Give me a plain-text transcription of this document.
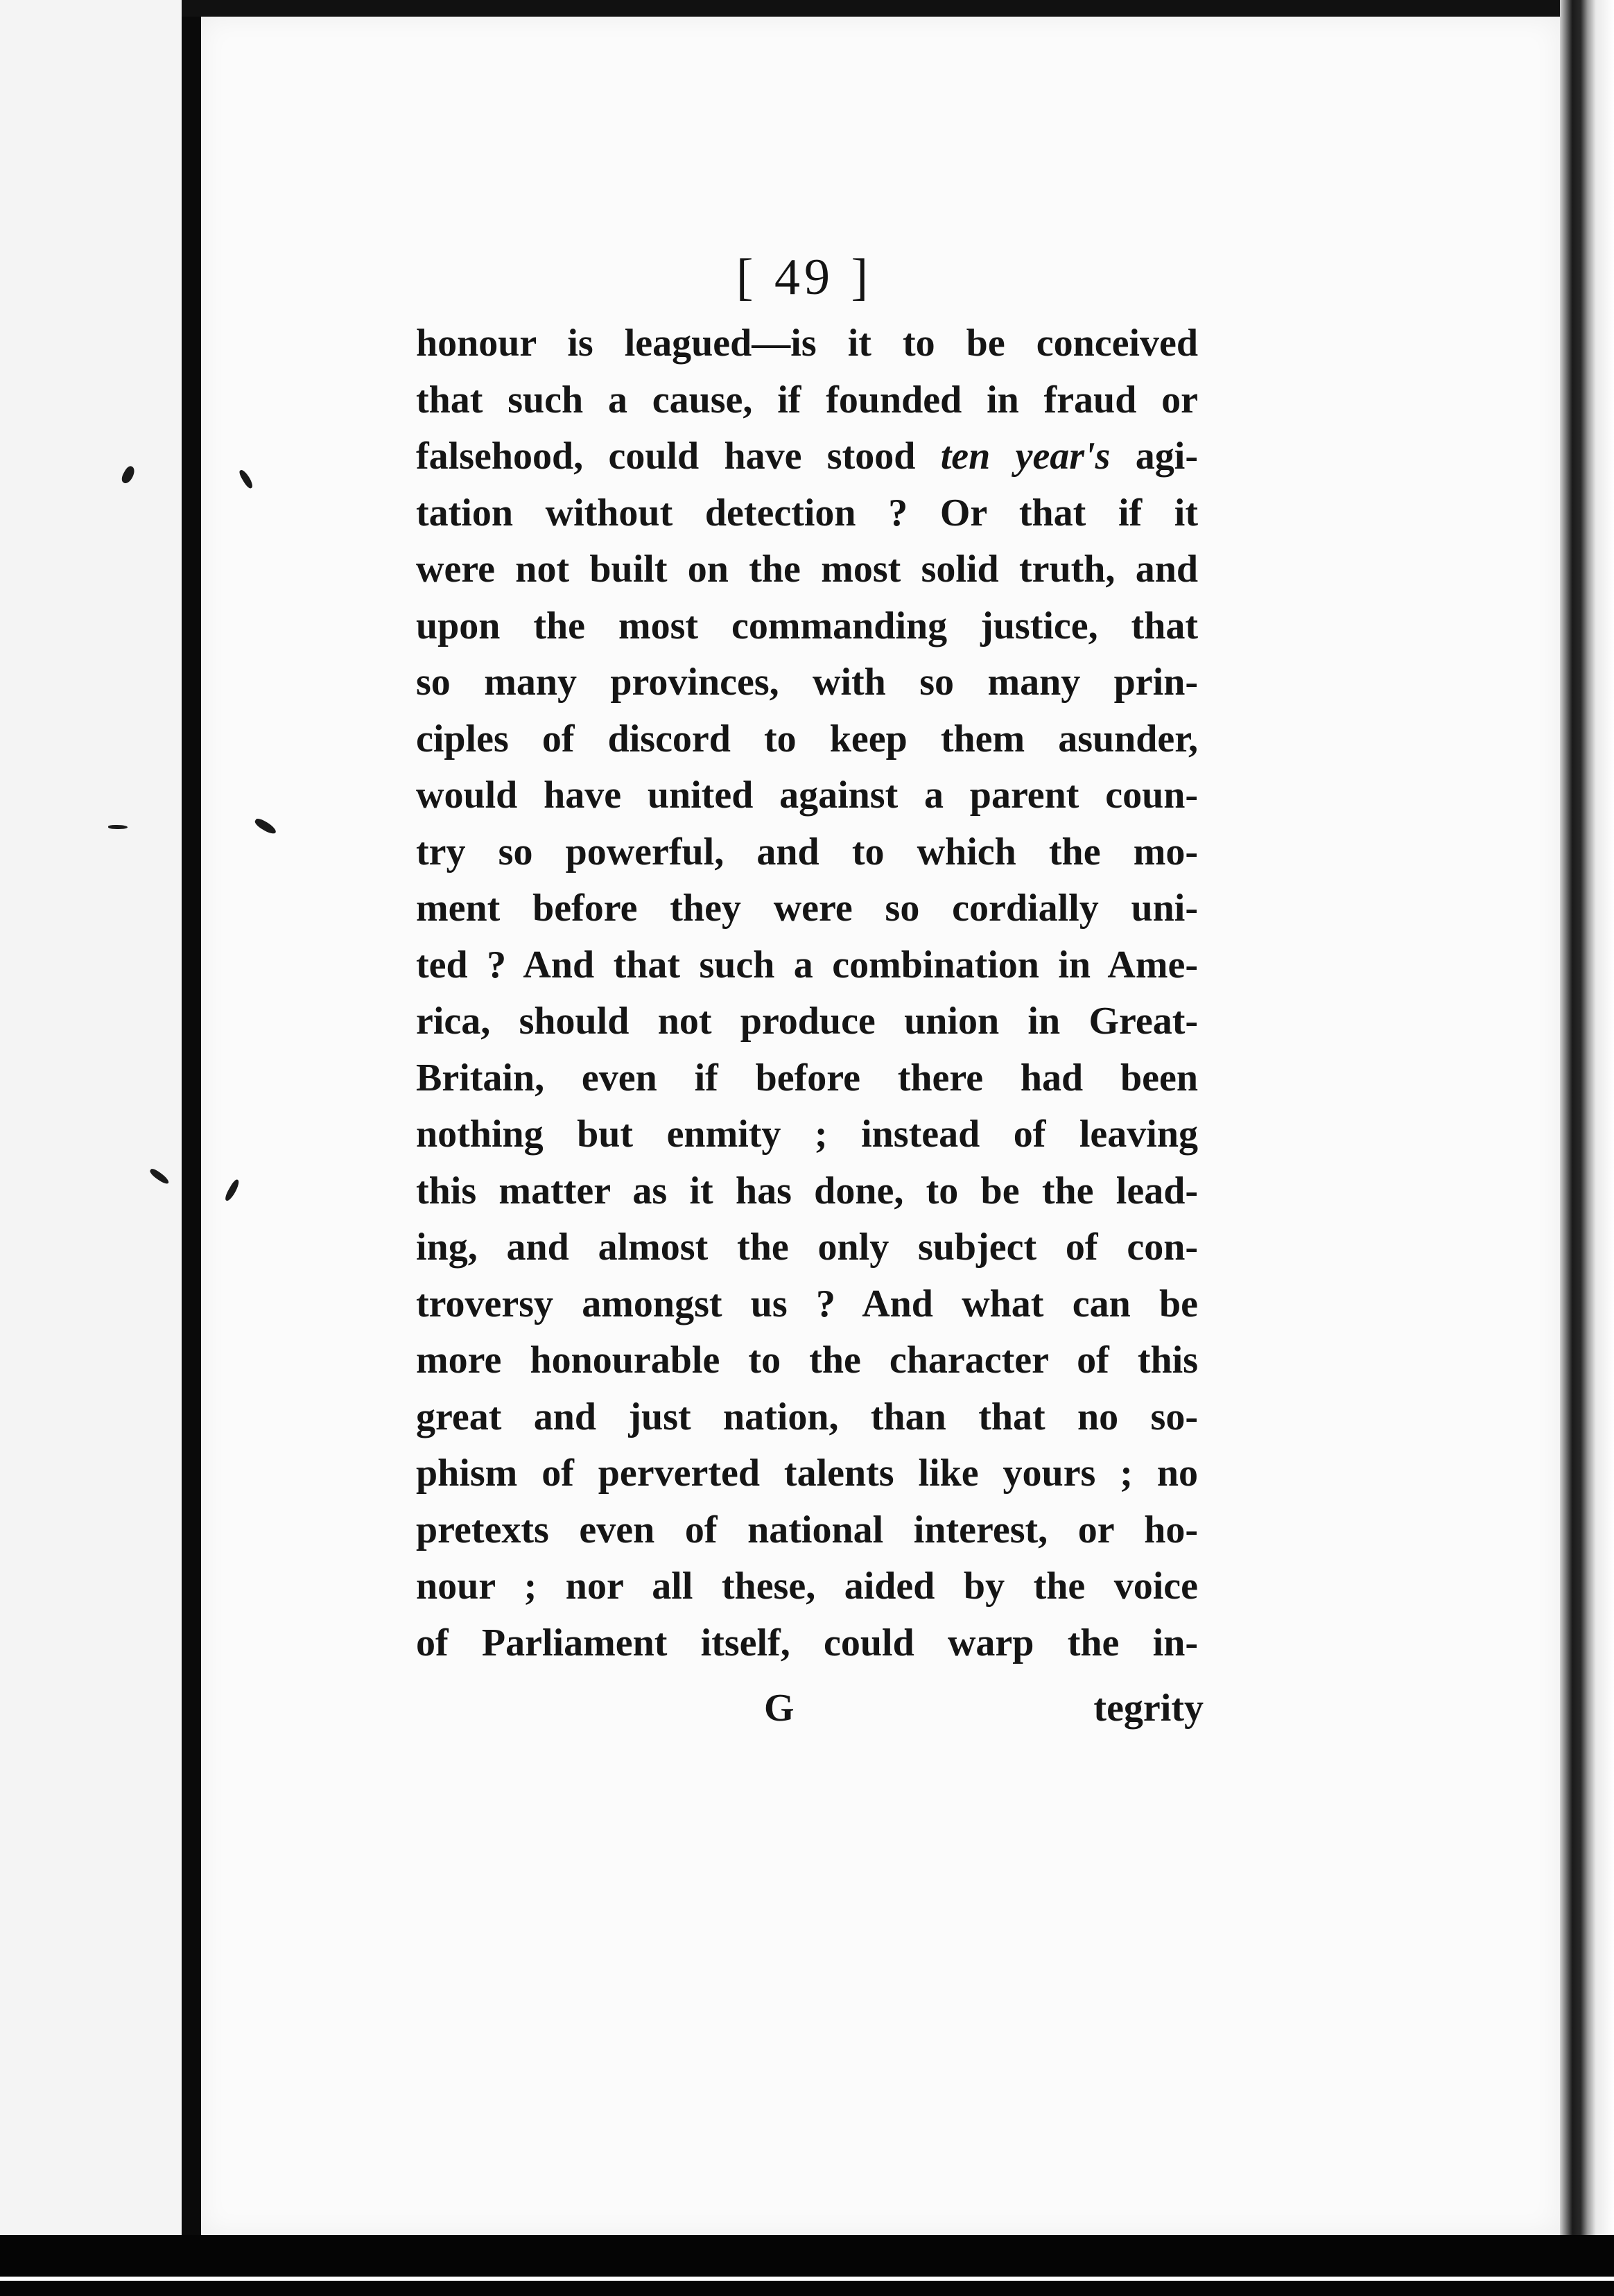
[ 49 ]
honour is leagued—is it to be conceived
that such a cause, if founded in fraud or
falsehood, could have stood ten year's agi-
tation without detection ? Or that if it
were not built on the most solid truth, and
upon the most commanding justice, that
so many provinces, with so many prin-
ciples of discord to keep them asunder,
would have united against a parent coun-
try so powerful, and to which the mo-
ment before they were so cordially uni-
ted ? And that such a combination in Ame-
rica, should not produce union in Great-
Britain, even if before there had been
nothing but enmity ; instead of leaving
this matter as it has done, to be the lead-
ing, and almost the only subject of con-
troversy amongst us ? And what can be
more honourable to the character of this
great and just nation, than that no so-
phism of perverted talents like yours ; no
pretexts even of national interest, or ho-
nour ; nor all these, aided by the voice
of Parliament itself, could warp the in-
G	tegrity
